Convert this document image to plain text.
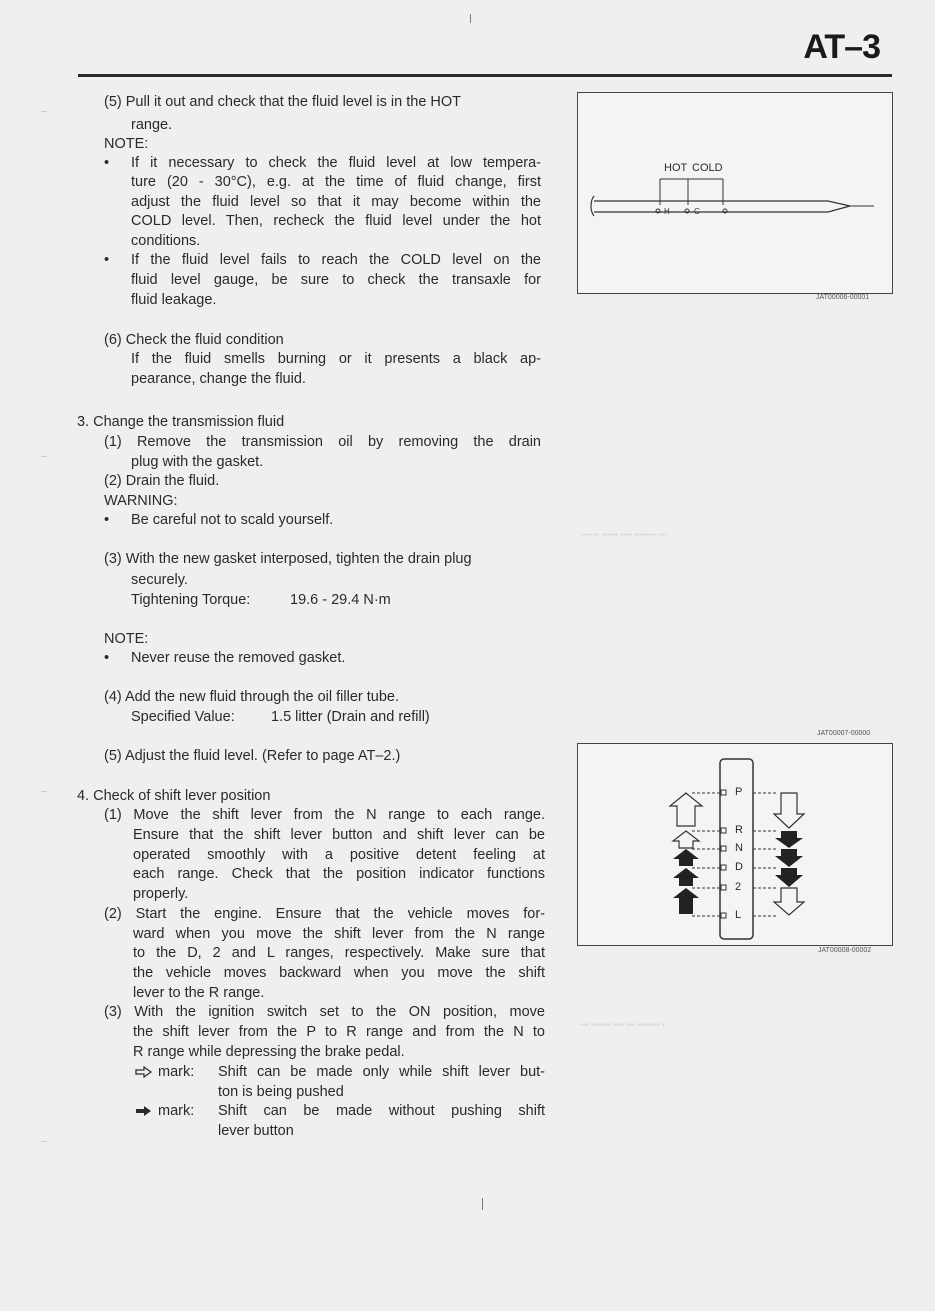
▪▪▪▪ ▪▪ ▪▪▪▪▪▪ ▪▪▪▪ ▪▪▪▪▪▪▪▪ ▪▪▪
▪▪▪ ▪▪▪▪▪▪▪ ▪▪▪▪ ▪▪▪ ▪▪▪▪▪▪▪▪ ▪
⌒
⌒
⌒
⌒
AT–3
(5) Pull it out and check that the fluid level is in the HOT
range.
NOTE:
• If it necessary to check the fluid level at low tempera-
ture (20 - 30°C), e.g. at the time of fluid change, first
adjust the fluid level so that it may become within the
COLD level. Then, recheck the fluid level under the hot
conditions.
• If the fluid level fails to reach the COLD level on the
fluid level gauge, be sure to check the transaxle for
fluid leakage.
(6) Check the fluid condition
If the fluid smells burning or it presents a black ap-
pearance, change the fluid.
3. Change the transmission fluid
(1) Remove the transmission oil by removing the drain
plug with the gasket.
(2) Drain the fluid.
WARNING:
• Be careful not to scald yourself.
(3) With the new gasket interposed, tighten the drain plug
securely.
Tightening Torque:	19.6 - 29.4 N·m
NOTE:
• Never reuse the removed gasket.
(4) Add the new fluid through the oil filler tube.
Specified Value:	1.5 litter (Drain and refill)
(5) Adjust the fluid level. (Refer to page AT–2.)
4. Check of shift lever position
(1) Move the shift lever from the N range to each range.
Ensure that the shift lever button and shift lever can be
operated smoothly with a positive detent feeling at
each range. Check that the position indicator functions
properly.
(2) Start the engine. Ensure that the vehicle moves for-
ward when you move the shift lever from the N range
to the D, 2 and L ranges, respectively. Make sure that
the vehicle moves backward when you move the shift
lever to the R range.
(3) With the ignition switch set to the ON position, move
the shift lever from the P to R range and from the N to
R range while depressing the brake pedal.
mark: Shift can be made only while shift lever but-
ton is being pushed
mark: Shift can be made without pushing shift
lever button
H	C
HOT COLD
JAT00006-00001
JAT00007-00000
P
R
N
D
2
L
JAT00008-00002
